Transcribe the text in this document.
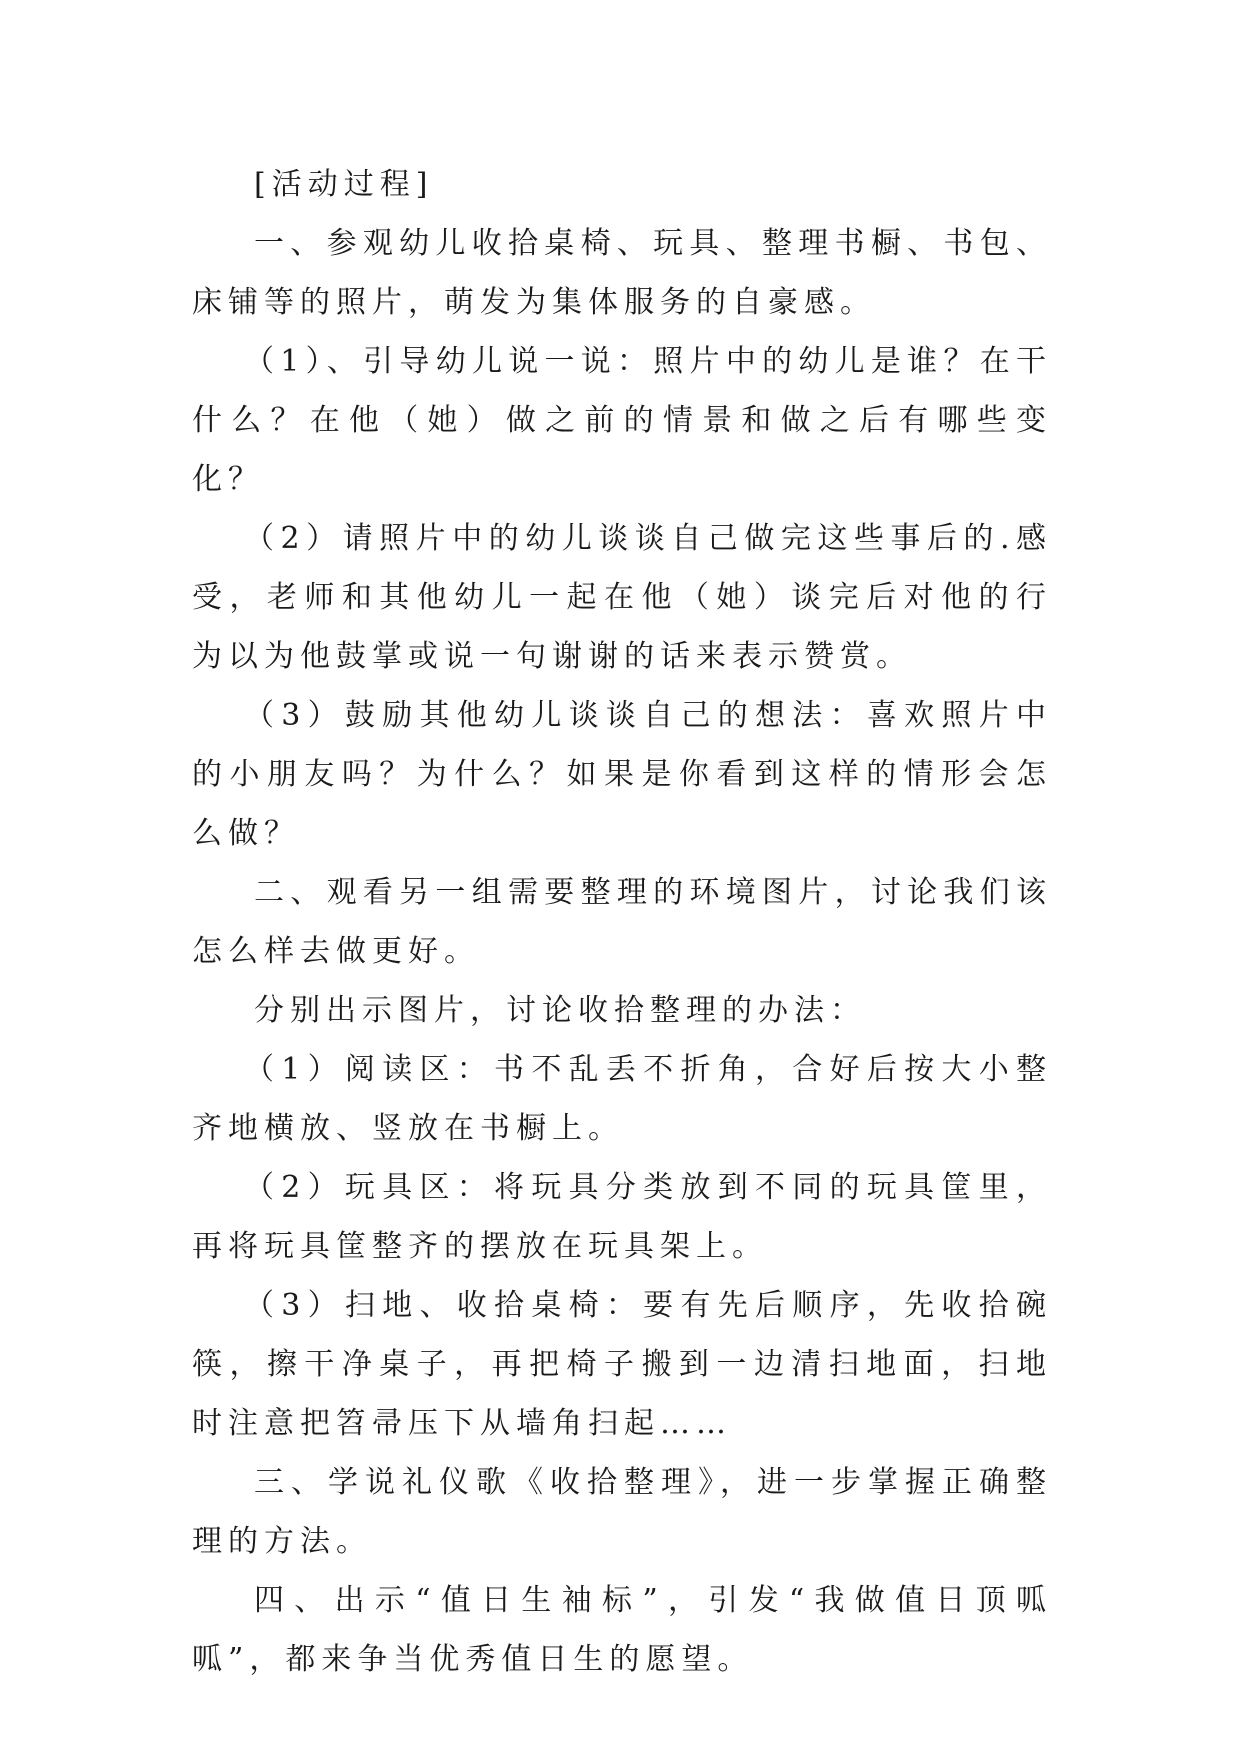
[活动过程]

一、参观幼儿收拾桌椅、玩具、整理书橱、书包、床铺等的照片，萌发为集体服务的自豪感。

（1）、引导幼儿说一说：照片中的幼儿是谁？在干什么？在他（她）做之前的情景和做之后有哪些变化？

（2）请照片中的幼儿谈谈自己做完这些事后的.感受，老师和其他幼儿一起在他（她）谈完后对他的行为以为他鼓掌或说一句谢谢的话来表示赞赏。

（3）鼓励其他幼儿谈谈自己的想法：喜欢照片中的小朋友吗？为什么？如果是你看到这样的情形会怎么做？

二、观看另一组需要整理的环境图片，讨论我们该怎么样去做更好。

分别出示图片，讨论收拾整理的办法：

（1）阅读区：书不乱丢不折角，合好后按大小整齐地横放、竖放在书橱上。

（2）玩具区：将玩具分类放到不同的玩具筐里，再将玩具筐整齐的摆放在玩具架上。

（3）扫地、收拾桌椅：要有先后顺序，先收拾碗筷，擦干净桌子，再把椅子搬到一边清扫地面，扫地时注意把笤帚压下从墙角扫起……

三、学说礼仪歌《收拾整理》，进一步掌握正确整理的方法。

四、出示“值日生袖标”，引发“我做值日顶呱呱”，都来争当优秀值日生的愿望。
